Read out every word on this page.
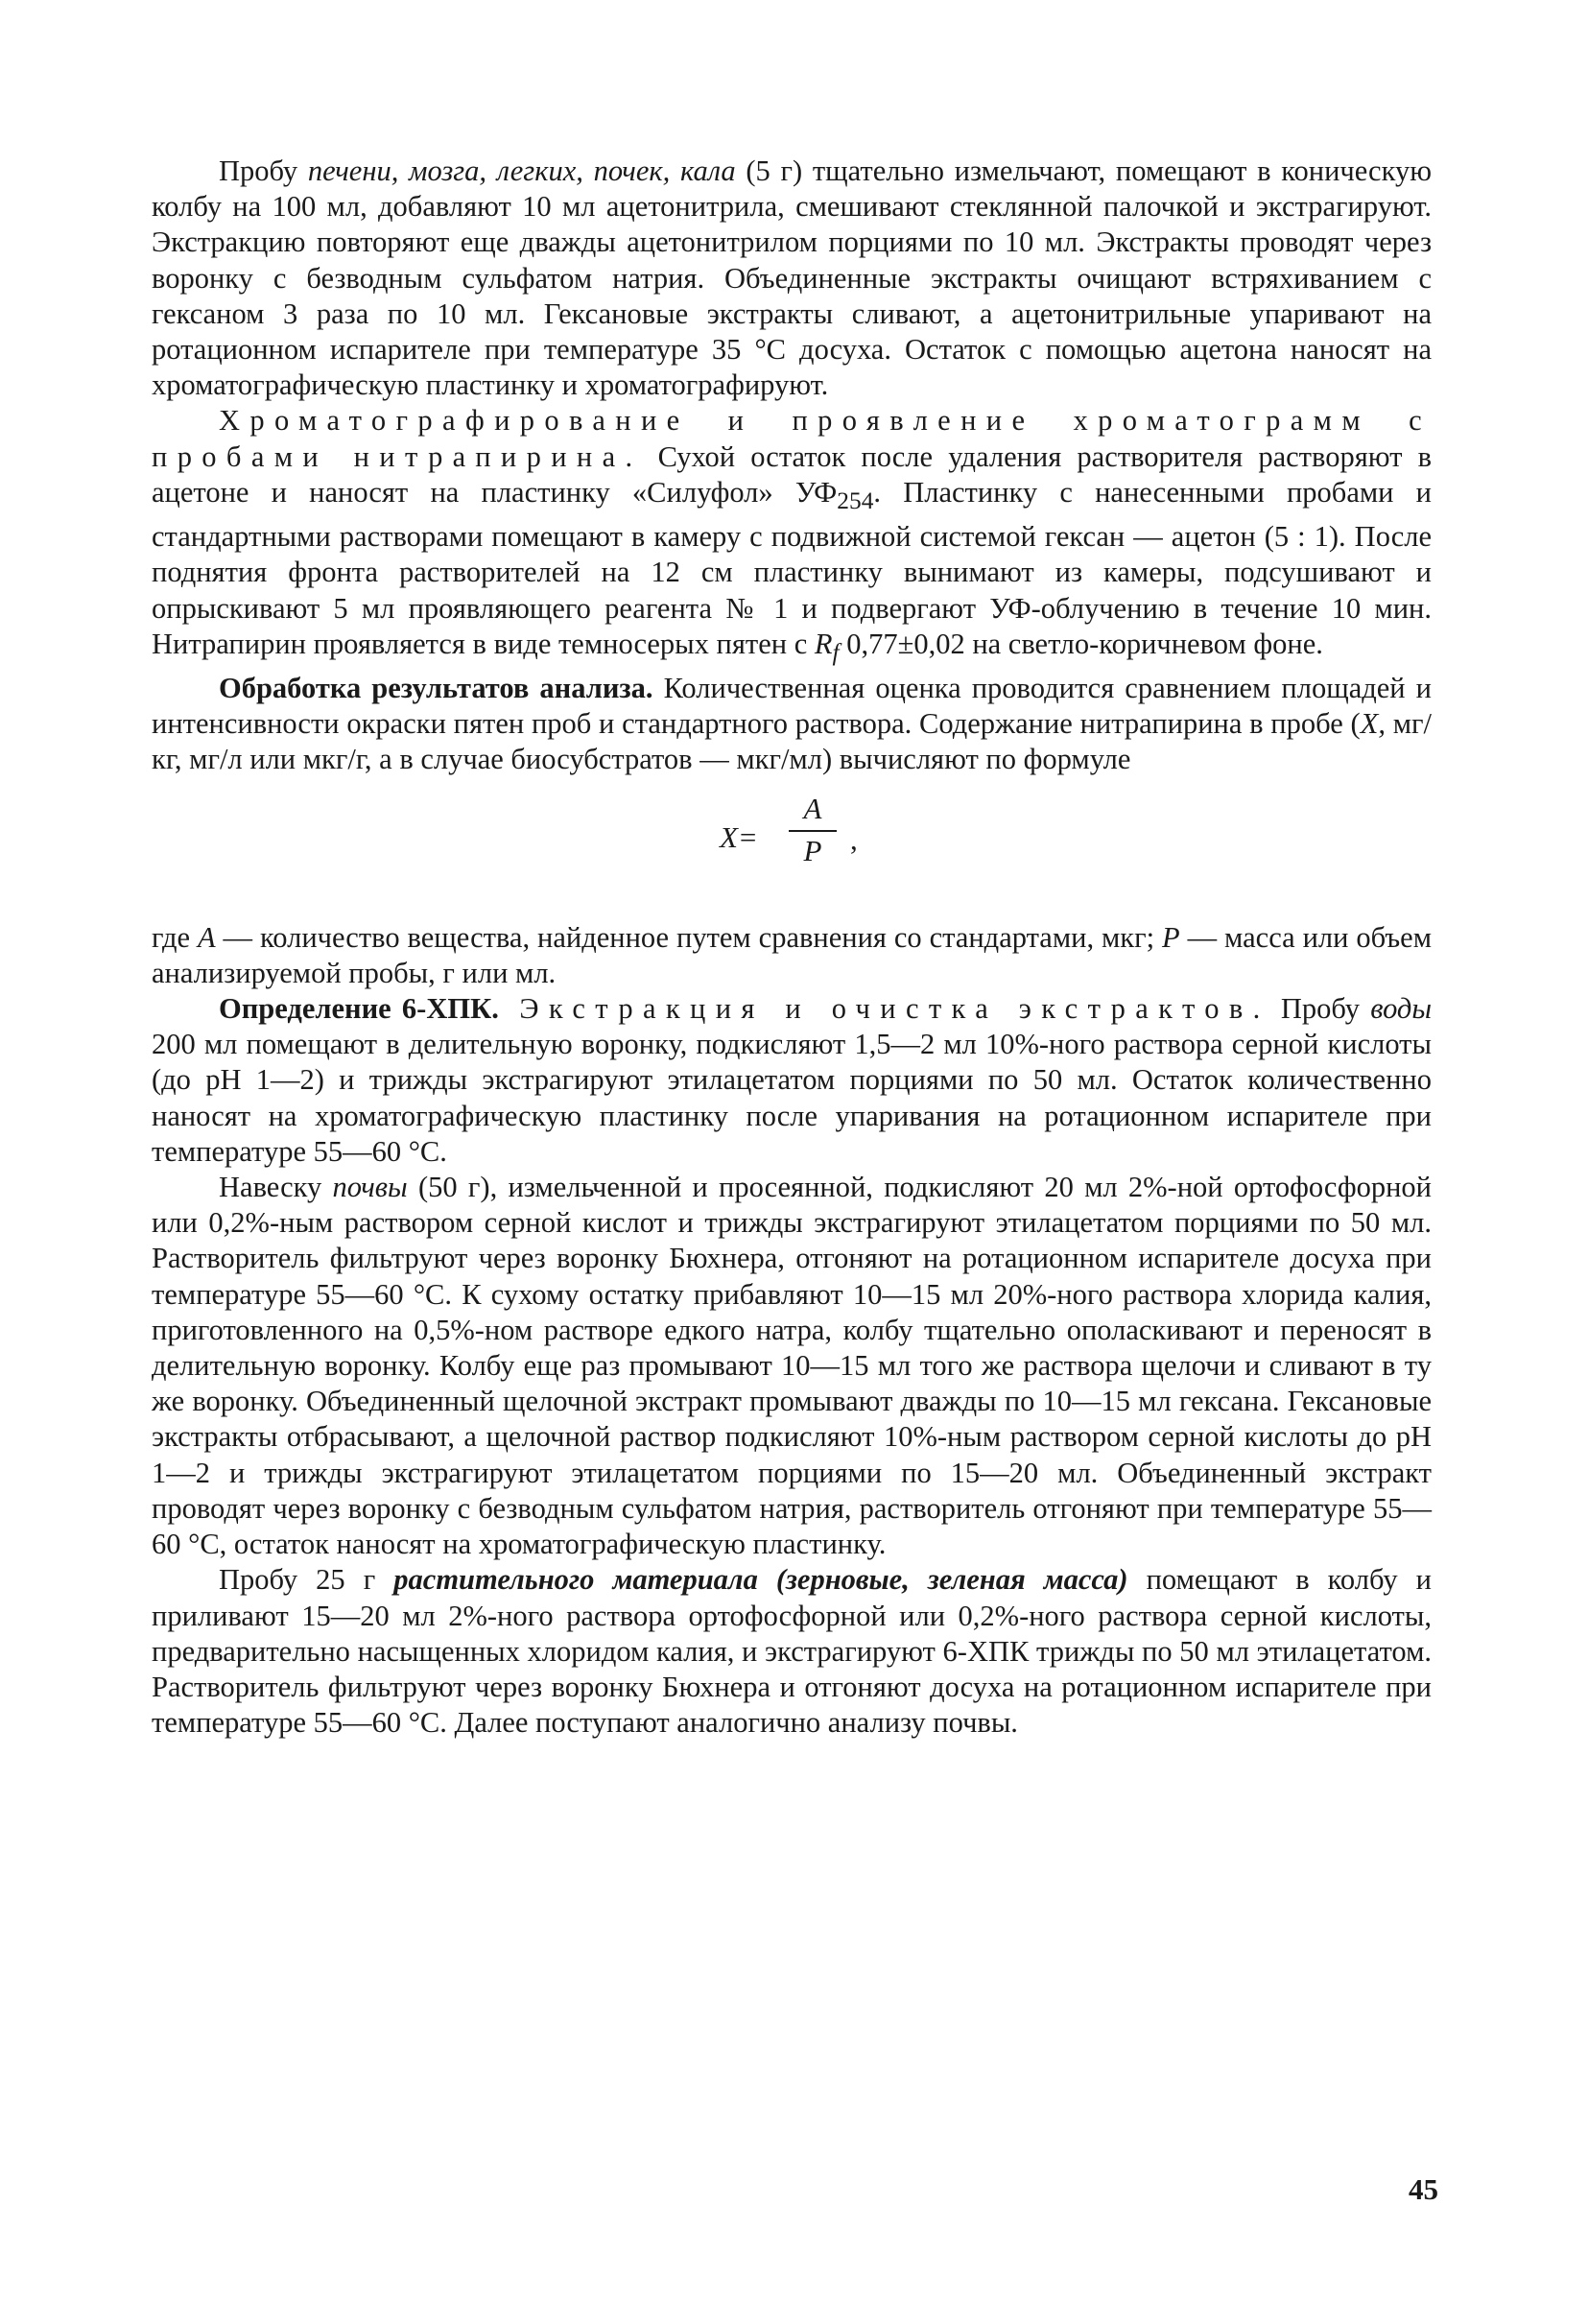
Пробу печени, мозга, легких, почек, кала (5 г) тщательно измельчают, помещают в коническую колбу на 100 мл, добавляют 10 мл ацетонитрила, смешивают стеклянной палочкой и экстрагируют. Экстракцию повторяют еще дважды ацетонитрилом порциями по 10 мл. Экстракты проводят через воронку с безводным сульфатом натрия. Объединенные экстракты очищают встряхиванием с гексаном 3 раза по 10 мл. Гексановые экстракты сливают, а ацетонитрильные упаривают на ротационном испарителе при температуре 35 °С досуха. Остаток с помощью ацетона наносят на хроматографическую пластинку и хроматографируют.

Хроматографирование и проявление хроматограмм с пробами нитрапирина. Сухой остаток после удаления растворителя растворяют в ацетоне и наносят на пластинку «Силуфол» $УФ_{254}$. Пластинку с нанесенными пробами и стандартными растворами помещают в камеру с подвижной системой гексан — ацетон (5 : 1). После поднятия фронта растворителей на 12 см пластинку вынимают из камеры, подсушивают и опрыскивают 5 мл проявляющего реагента № 1 и подвергают УФ-облучению в течение 10 мин. Нитрапирин проявляется в виде темносерых пятен с $R_f$ 0,77±0,02 на светло-коричневом фоне.

Обработка результатов анализа. Количественная оценка проводится сравнением площадей и интенсивности окраски пятен проб и стандартного раствора. Содержание нитрапирина в пробе (X, мг/кг, мг/л или мкг/г, а в случае биосубстратов — мкг/мл) вычисляют по формуле

X=
A
P ,

где A — количество вещества, найденное путем сравнения со стандартами, мкг; P — масса или объем анализируемой пробы, г или мл.

Определение 6-ХПК. Экстракция и очистка экстрактов. Пробу воды 200 мл помещают в делительную воронку, подкисляют 1,5—2 мл 10%-ного раствора серной кислоты (до рН 1—2) и трижды экстрагируют этилацетатом порциями по 50 мл. Остаток количественно наносят на хроматографическую пластинку после упаривания на ротационном испарителе при температуре 55—60 °С.

Навеску почвы (50 г), измельченной и просеянной, подкисляют 20 мл 2%-ной ортофосфорной или 0,2%-ным раствором серной кислот и трижды экстрагируют этилацетатом порциями по 50 мл. Растворитель фильтруют через воронку Бюхнера, отгоняют на ротационном испарителе досуха при температуре 55—60 °С. К сухому остатку прибавляют 10—15 мл 20%-ного раствора хлорида калия, приготовленного на 0,5%-ном растворе едкого натра, колбу тщательно ополаскивают и переносят в делительную воронку. Колбу еще раз промывают 10—15 мл того же раствора щелочи и сливают в ту же воронку. Объединенный щелочной экстракт промывают дважды по 10—15 мл гексана. Гексановые экстракты отбрасывают, а щелочной раствор подкисляют 10%-ным раствором серной кислоты до рН 1—2 и трижды экстрагируют этилацетатом порциями по 15—20 мл. Объединенный экстракт проводят через воронку с безводным сульфатом натрия, растворитель отгоняют при температуре 55—60 °С, остаток наносят на хроматографическую пластинку.

Пробу 25 г растительного материала (зерновые, зеленая масса) помещают в колбу и приливают 15—20 мл 2%-ного раствора ортофосфорной или 0,2%-ного раствора серной кислоты, предварительно насыщенных хлоридом калия, и экстрагируют 6-ХПК трижды по 50 мл этилацетатом. Растворитель фильтруют через воронку Бюхнера и отгоняют досуха на ротационном испарителе при температуре 55—60 °С. Далее поступают аналогично анализу почвы.

45
